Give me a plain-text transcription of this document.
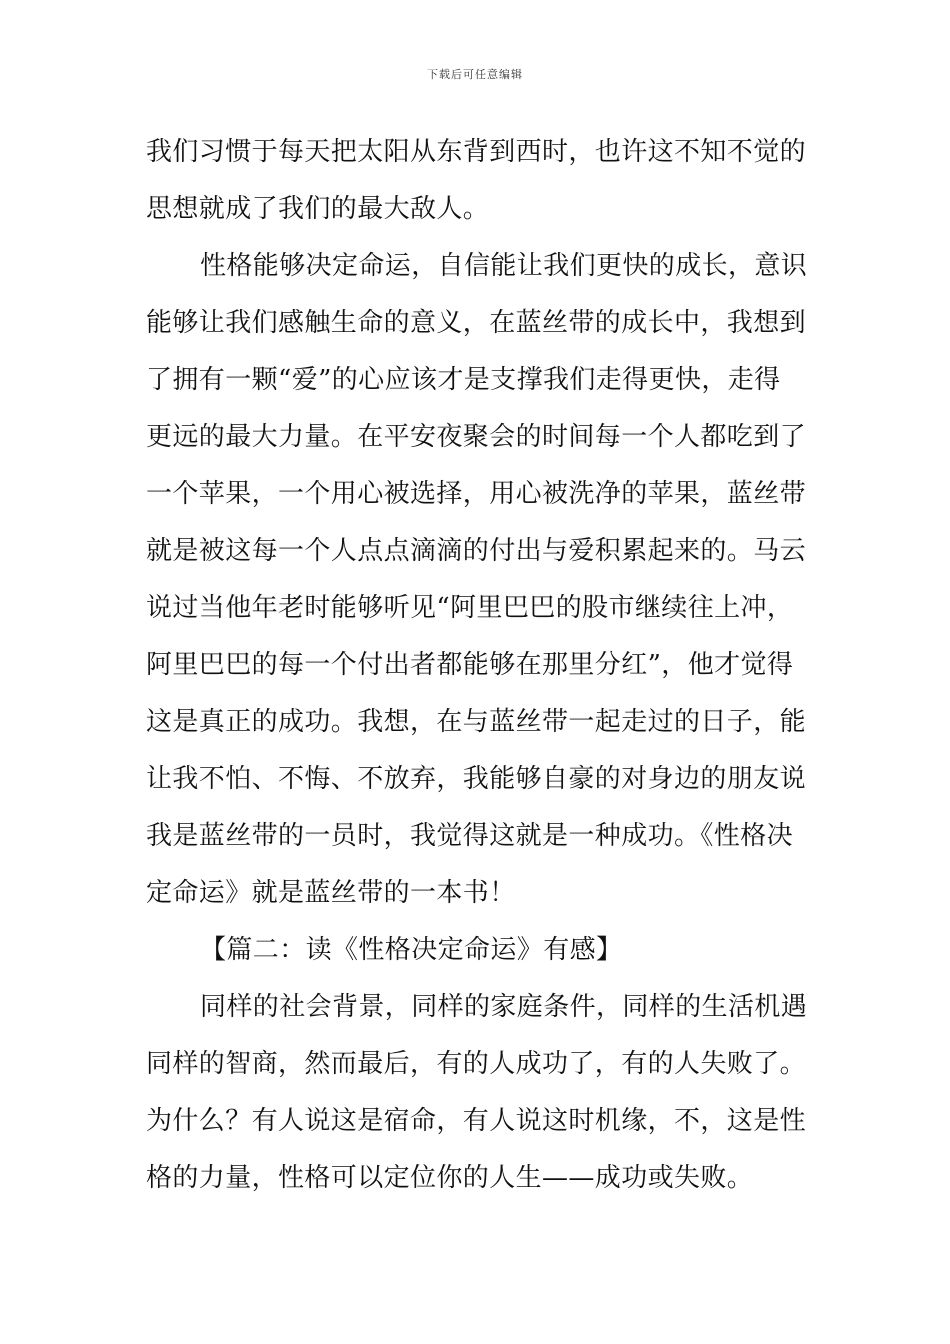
下载后可任意编辑
我们习惯于每天把太阳从东背到西时，也许这不知不觉的
思想就成了我们的最大敌人。
性格能够决定命运，自信能让我们更快的成长，意识
能够让我们感触生命的意义，在蓝丝带的成长中，我想到
了拥有一颗“爱”的心应该才是支撑我们走得更快，走得
更远的最大力量。在平安夜聚会的时间每一个人都吃到了
一个苹果，一个用心被选择，用心被洗净的苹果，蓝丝带
就是被这每一个人点点滴滴的付出与爱积累起来的。马云
说过当他年老时能够听见“阿里巴巴的股市继续往上冲，
阿里巴巴的每一个付出者都能够在那里分红”，他才觉得
这是真正的成功。我想，在与蓝丝带一起走过的日子，能
让我不怕、不悔、不放弃，我能够自豪的对身边的朋友说
我是蓝丝带的一员时，我觉得这就是一种成功。《性格决
定命运》就是蓝丝带的一本书！
【篇二：读《性格决定命运》有感】
同样的社会背景，同样的家庭条件，同样的生活机遇
同样的智商，然而最后，有的人成功了，有的人失败了。
为什么？有人说这是宿命，有人说这时机缘，不，这是性
格的力量，性格可以定位你的人生——成功或失败。
